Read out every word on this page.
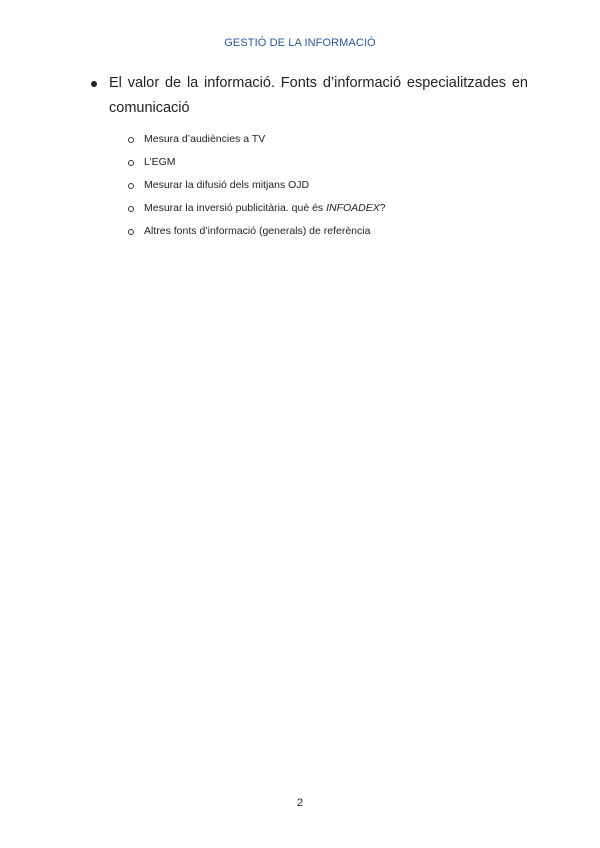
GESTIÓ DE LA INFORMACIÓ
El valor de la informació. Fonts d’informació especialitzades en comunicació
Mesura d’audiències a TV
L’EGM
Mesurar la difusió dels mitjans OJD
Mesurar la inversió publicitària. què és INFOADEX?
Altres fonts d’informació (generals) de referència
2
